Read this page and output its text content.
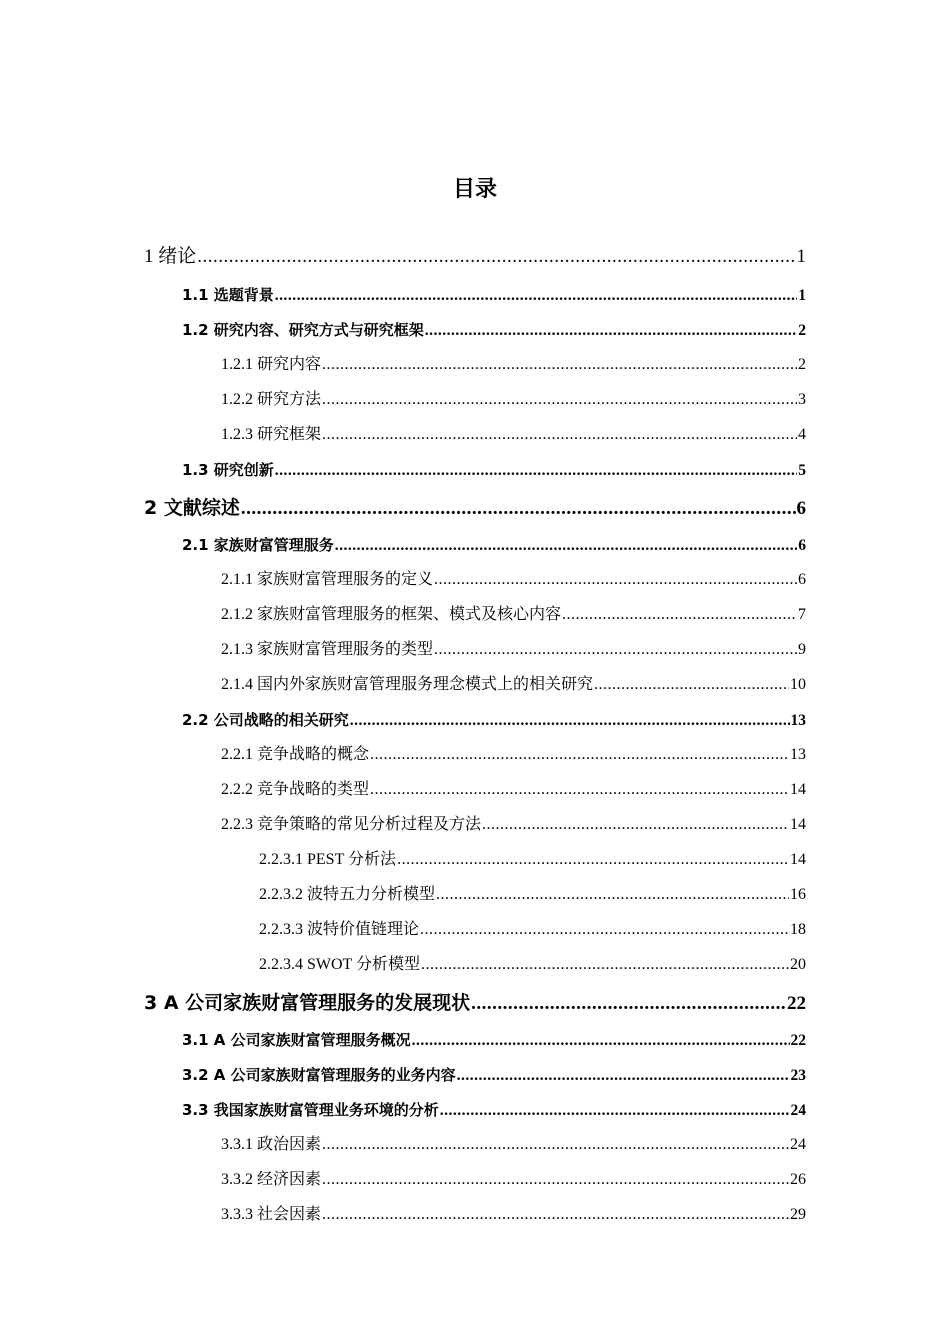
目录
1 绪论 .....	1
1.1 选题背景 .....	1
1.2 研究内容、研究方式与研究框架 .....	2
1.2.1 研究内容 .....	2
1.2.2 研究方法 .....	3
1.2.3 研究框架 .....	4
1.3 研究创新 .....	5
2 文献综述 .....	6
2.1 家族财富管理服务 .....	6
2.1.1 家族财富管理服务的定义 .....	6
2.1.2 家族财富管理服务的框架、模式及核心内容 .....	7
2.1.3 家族财富管理服务的类型 .....	9
2.1.4 国内外家族财富管理服务理念模式上的相关研究 .....	10
2.2 公司战略的相关研究 .....	13
2.2.1 竞争战略的概念 .....	13
2.2.2 竞争战略的类型 .....	14
2.2.3 竞争策略的常见分析过程及方法 .....	14
2.2.3.1 PEST 分析法 .....	14
2.2.3.2 波特五力分析模型 .....	16
2.2.3.3 波特价值链理论 .....	18
2.2.3.4 SWOT 分析模型 .....	20
3 A 公司家族财富管理服务的发展现状 .....	22
3.1 A 公司家族财富管理服务概况 .....	22
3.2 A 公司家族财富管理服务的业务内容 .....	23
3.3 我国家族财富管理业务环境的分析 .....	24
3.3.1 政治因素 .....	24
3.3.2 经济因素 .....	26
3.3.3 社会因素 .....	29
